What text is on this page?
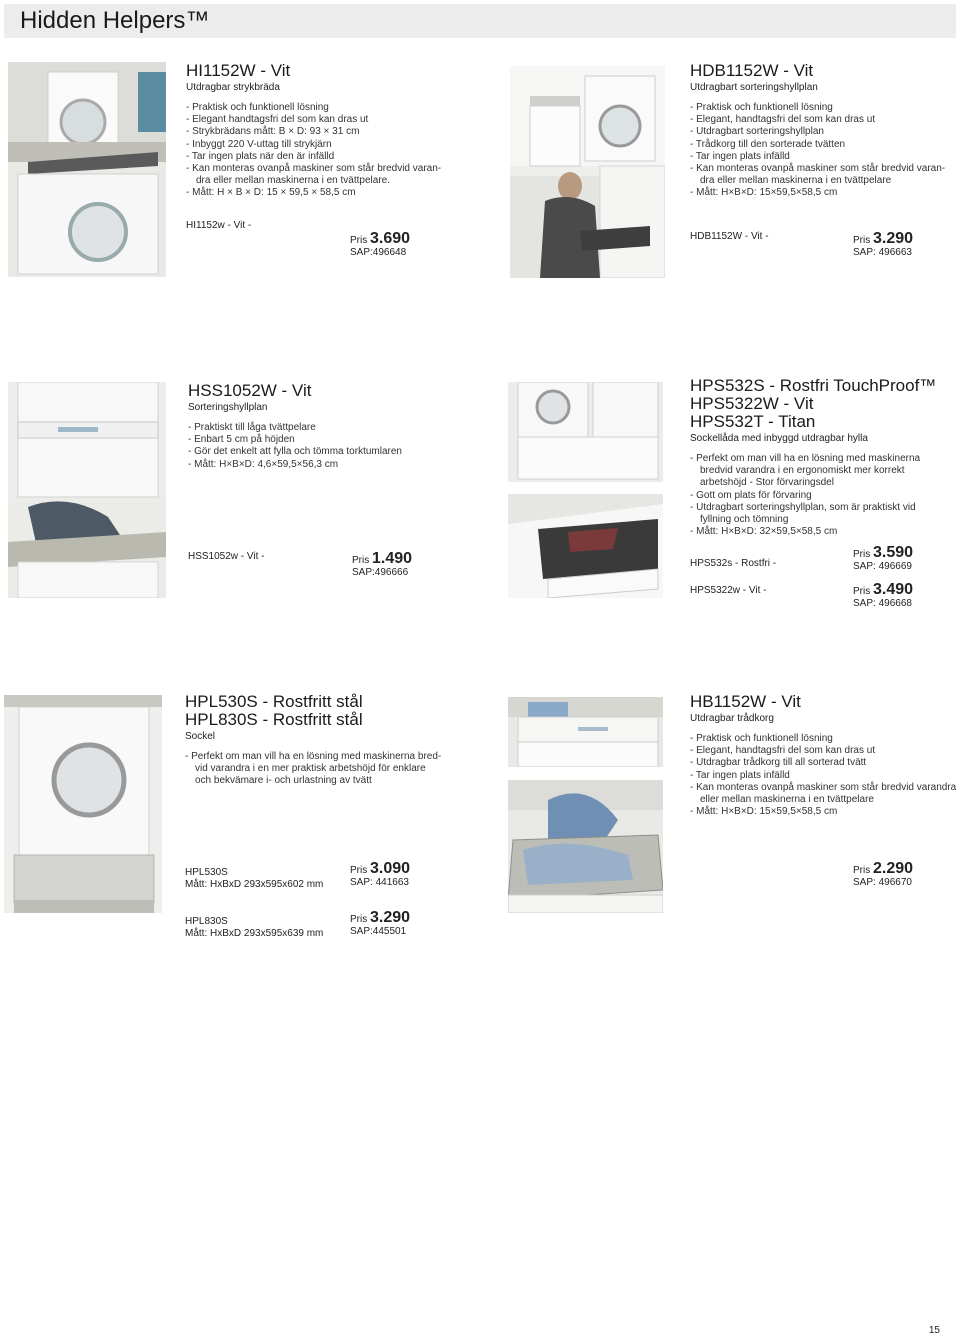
Hidden Helpers™
HI1152W - Vit
Utdragbar strykbräda
- Praktisk och funktionell lösning
- Elegant handtagsfri del som kan dras ut
- Strykbrädans mått: B × D: 93 × 31 cm
- Inbyggt 220 V-uttag till strykjärn
- Tar ingen plats när den är infälld
- Kan monteras ovanpå maskiner som står bredvid varan-
dra eller mellan maskinerna i en tvättpelare.
- Mått: H × B × D: 15 × 59,5 × 58,5 cm
HI1152w - Vit -
Pris 3.690
SAP:496648
HDB1152W - Vit
Utdragbart sorteringshyllplan
- Praktisk och funktionell lösning
- Elegant, handtagsfri del som kan dras ut
- Utdragbart sorteringshyllplan
- Trådkorg till den sorterade tvätten
- Tar ingen plats infälld
- Kan monteras ovanpå maskiner som står bredvid varan-
dra eller mellan maskinerna i en tvättpelare
- Mått: H×B×D: 15×59,5×58,5 cm
HDB1152W - Vit -	Pris 3.290
SAP: 496663
HSS1052W - Vit
Sorteringshyllplan
- Praktiskt till låga tvättpelare
- Enbart 5 cm på höjden
- Gör det enkelt att fylla och tömma torktumlaren
- Mått: H×B×D: 4,6×59,5×56,3 cm
HSS1052w - Vit -	Pris 1.490
SAP:496666
HPS532S - Rostfri TouchProof™
HPS5322W - Vit
HPS532T - Titan
Sockellåda med inbyggd utdragbar hylla
- Perfekt om man vill ha en lösning med maskinerna
bredvid varandra i en ergonomiskt mer korrekt
arbetshöjd - Stor förvaringsdel
- Gott om plats för förvaring
- Utdragbart sorteringshyllplan, som är praktiskt vid
fyllning och tömning
- Mått: H×B×D: 32×59,5×58,5 cm
HPS532s - Rostfri -
Pris 3.590
SAP: 496669
HPS5322w - Vit -	Pris 3.490
SAP: 496668
HPL530S - Rostfritt stål
HPL830S - Rostfritt stål
Sockel
- Perfekt om man vill ha en lösning med maskinerna bred-
vid varandra i en mer praktisk arbetshöjd för enklare
och bekvämare i- och urlastning av tvätt
HPL530S
Mått: HxBxD 293x595x602 mm
Pris 3.090
SAP: 441663
HPL830S
Mått: HxBxD 293x595x639 mm
Pris 3.290
SAP:445501
HB1152W - Vit
Utdragbar trådkorg
- Praktisk och funktionell lösning
- Elegant, handtagsfri del som kan dras ut
- Utdragbar trådkorg till all sorterad tvätt
- Tar ingen plats infälld
- Kan monteras ovanpå maskiner som står bredvid varandra
eller mellan maskinerna i en tvättpelare
- Mått: H×B×D: 15×59,5×58,5 cm
Pris 2.290
SAP: 496670
15
